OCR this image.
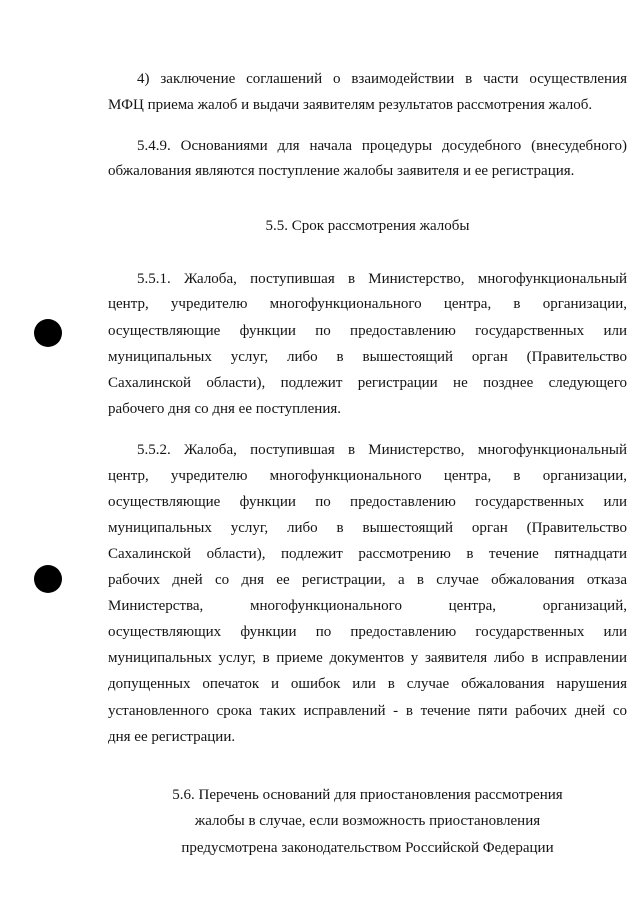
4) заключение соглашений о взаимодействии в части осуществления
МФЦ приема жалоб и выдачи заявителям результатов рассмотрения жалоб.
5.4.9. Основаниями для начала процедуры досудебного (внесудебного)
обжалования являются поступление жалобы заявителя и ее регистрация.
5.5. Срок рассмотрения жалобы
5.5.1. Жалоба, поступившая в Министерство, многофункциональный
центр, учредителю многофункционального центра, в организации,
осуществляющие функции по предоставлению государственных или
муниципальных услуг, либо в вышестоящий орган (Правительство
Сахалинской области), подлежит регистрации не позднее следующего
рабочего дня со дня ее поступления.
5.5.2. Жалоба, поступившая в Министерство, многофункциональный
центр, учредителю многофункционального центра, в организации,
осуществляющие функции по предоставлению государственных или
муниципальных услуг, либо в вышестоящий орган (Правительство
Сахалинской области), подлежит рассмотрению в течение пятнадцати
рабочих дней со дня ее регистрации, а в случае обжалования отказа
Министерства, многофункционального центра, организаций,
осуществляющих функции по предоставлению государственных или
муниципальных услуг, в приеме документов у заявителя либо в исправлении
допущенных опечаток и ошибок или в случае обжалования нарушения
установленного срока таких исправлений - в течение пяти рабочих дней со
дня ее регистрации.
5.6. Перечень оснований для приостановления рассмотрения
жалобы в случае, если возможность приостановления
предусмотрена законодательством Российской Федерации
